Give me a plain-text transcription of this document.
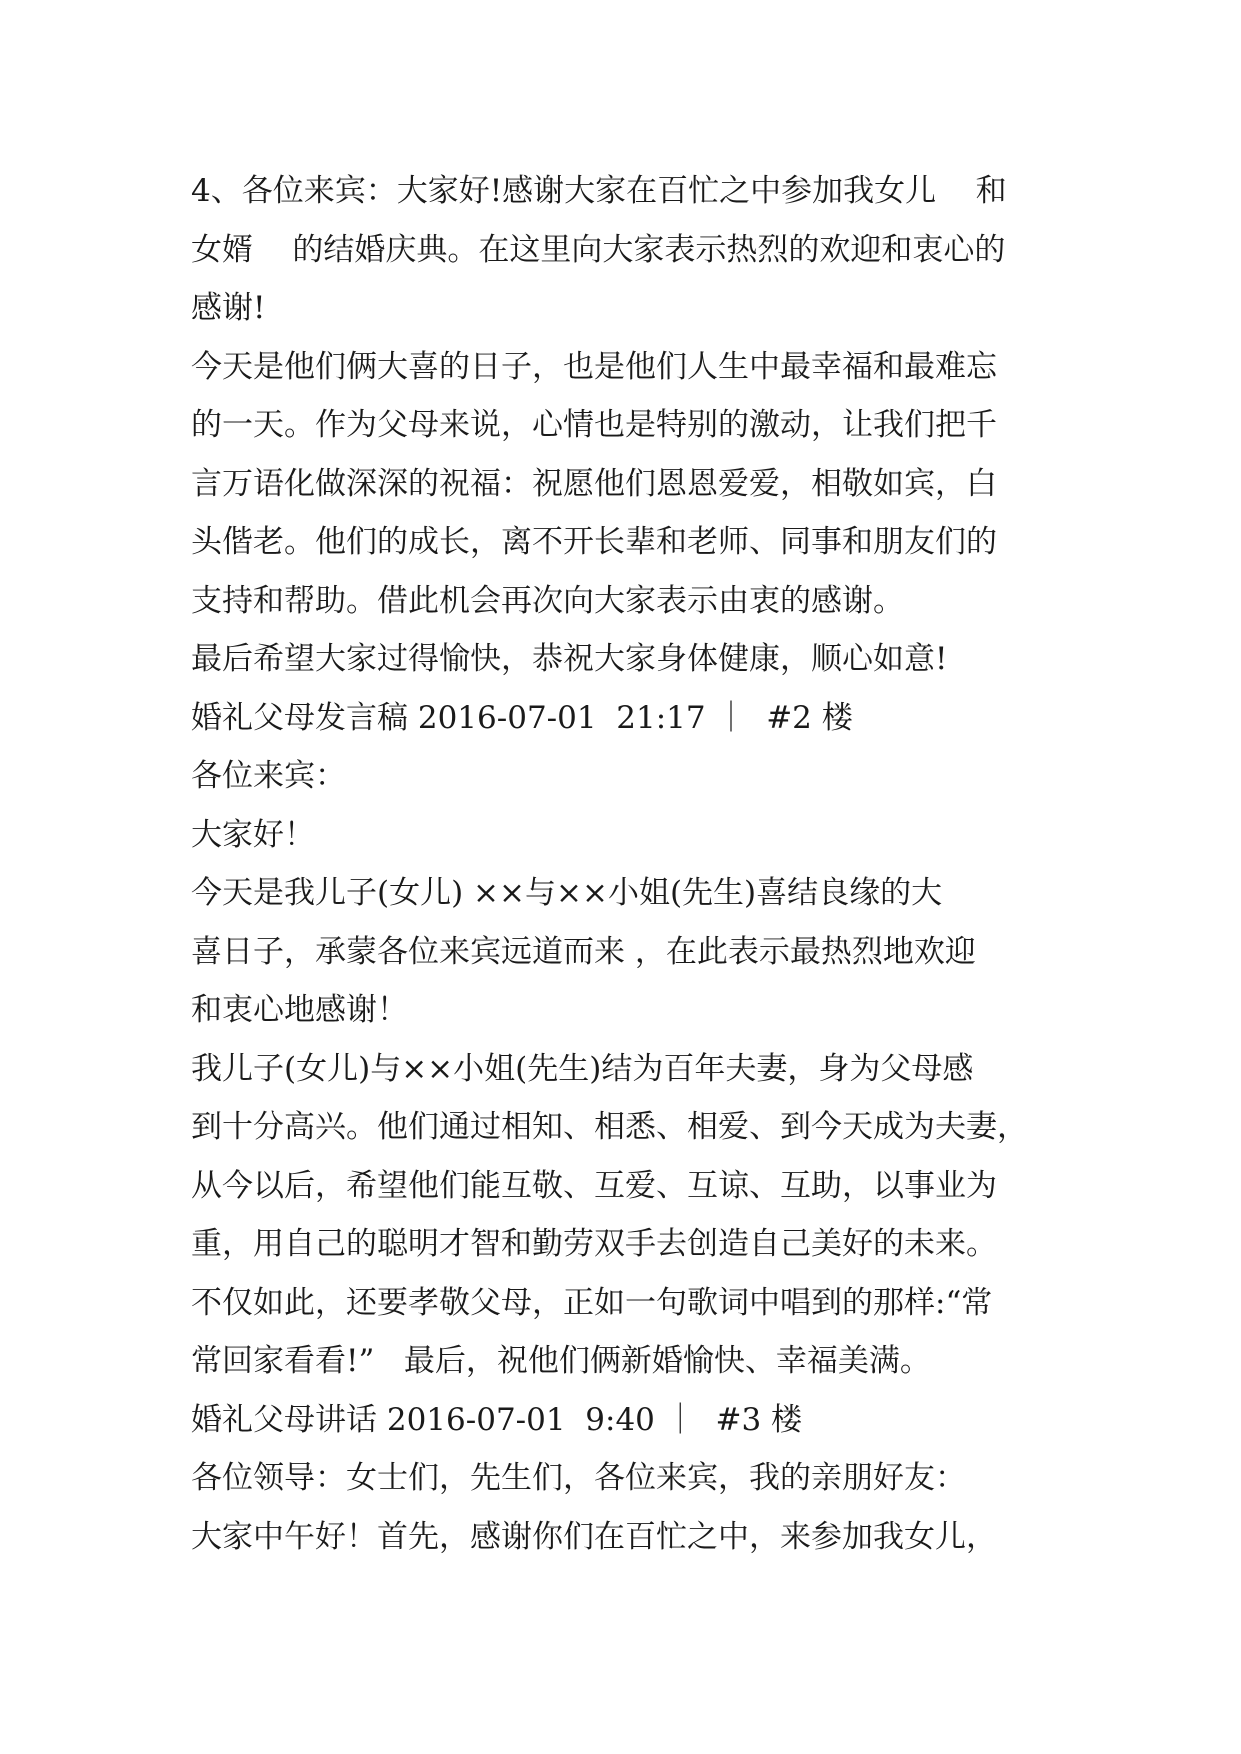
4、各位来宾：大家好!感谢大家在百忙之中参加我女儿    和
女婿    的结婚庆典。在这里向大家表示热烈的欢迎和衷心的
感谢!
今天是他们俩大喜的日子，也是他们人生中最幸福和最难忘
的一天。作为父母来说，心情也是特别的激动，让我们把千
言万语化做深深的祝福：祝愿他们恩恩爱爱，相敬如宾，白
头偕老。他们的成长，离不开长辈和老师、同事和朋友们的
支持和帮助。借此机会再次向大家表示由衷的感谢。
最后希望大家过得愉快，恭祝大家身体健康，顺心如意!
婚礼父母发言稿 2016-07-01  21:17 ｜  #2 楼
各位来宾：
大家好！
今天是我儿子(女儿) ××与××小姐(先生)喜结良缘的大
喜日子，承蒙各位来宾远道而来 ，在此表示最热烈地欢迎
和衷心地感谢！
我儿子(女儿)与××小姐(先生)结为百年夫妻，身为父母感
到十分高兴。他们通过相知、相悉、相爱、到今天成为夫妻，
从今以后，希望他们能互敬、互爱、互谅、互助，以事业为
重，用自己的聪明才智和勤劳双手去创造自己美好的未来。
不仅如此，还要孝敬父母，正如一句歌词中唱到的那样:“常
常回家看看!”   最后，祝他们俩新婚愉快、幸福美满。
婚礼父母讲话 2016-07-01  9:40 ｜  #3 楼
各位领导：女士们，先生们，各位来宾，我的亲朋好友：
大家中午好！首先，感谢你们在百忙之中，来参加我女儿，
